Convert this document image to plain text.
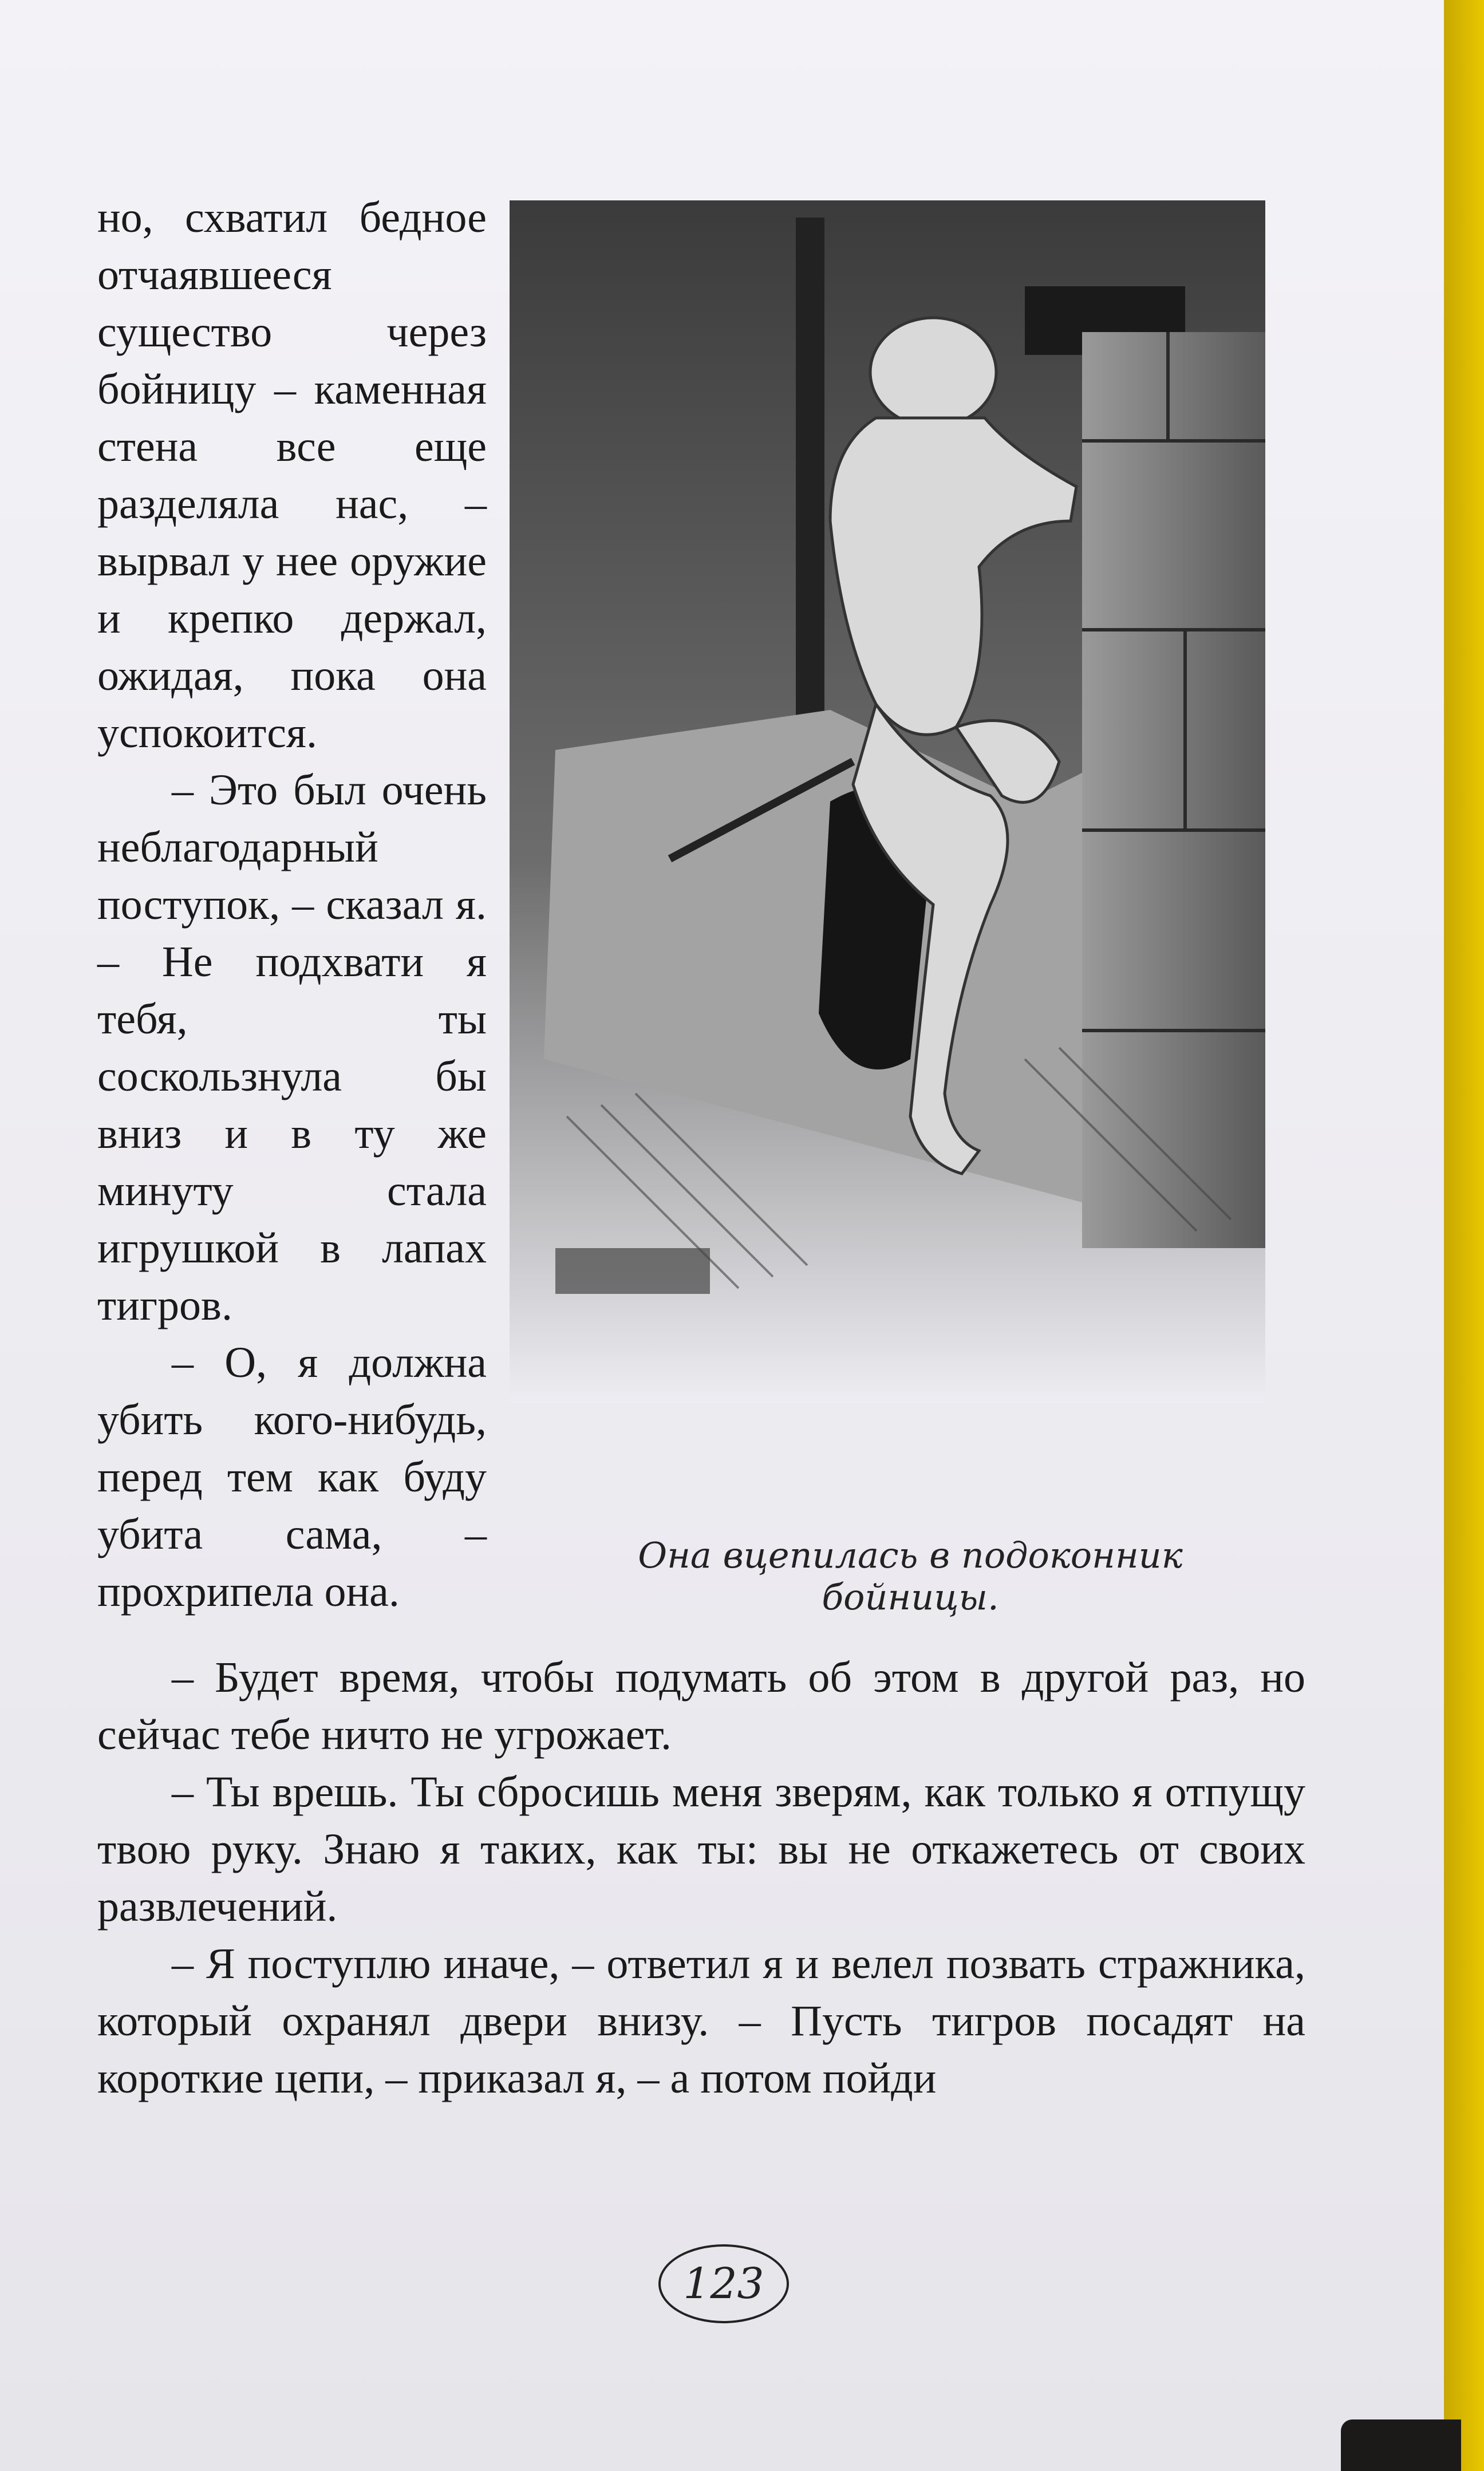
но, схватил бедное отчаявшееся существо через бойницу – каменная стена все еще разделяла нас, – вырвал у нее оружие и крепко держал, ожидая, пока она успокоится.

– Это был очень неблагодарный поступок, – сказал я. – Не подхвати я тебя, ты соскользнула бы вниз и в ту же минуту стала игрушкой в лапах тигров.

– О, я должна убить кого-нибудь, перед тем как буду убита сама, – прохрипела она.

Она вцепилась в подоконник бойницы.

– Будет время, чтобы подумать об этом в другой раз, но сейчас тебе ничто не угрожает.

– Ты врешь. Ты сбросишь меня зверям, как только я отпущу твою руку. Знаю я таких, как ты: вы не откажетесь от своих развлечений.

– Я поступлю иначе, – ответил я и велел позвать стражника, который охранял двери внизу. – Пусть тигров посадят на короткие цепи, – приказал я, – а потом пойди

123
